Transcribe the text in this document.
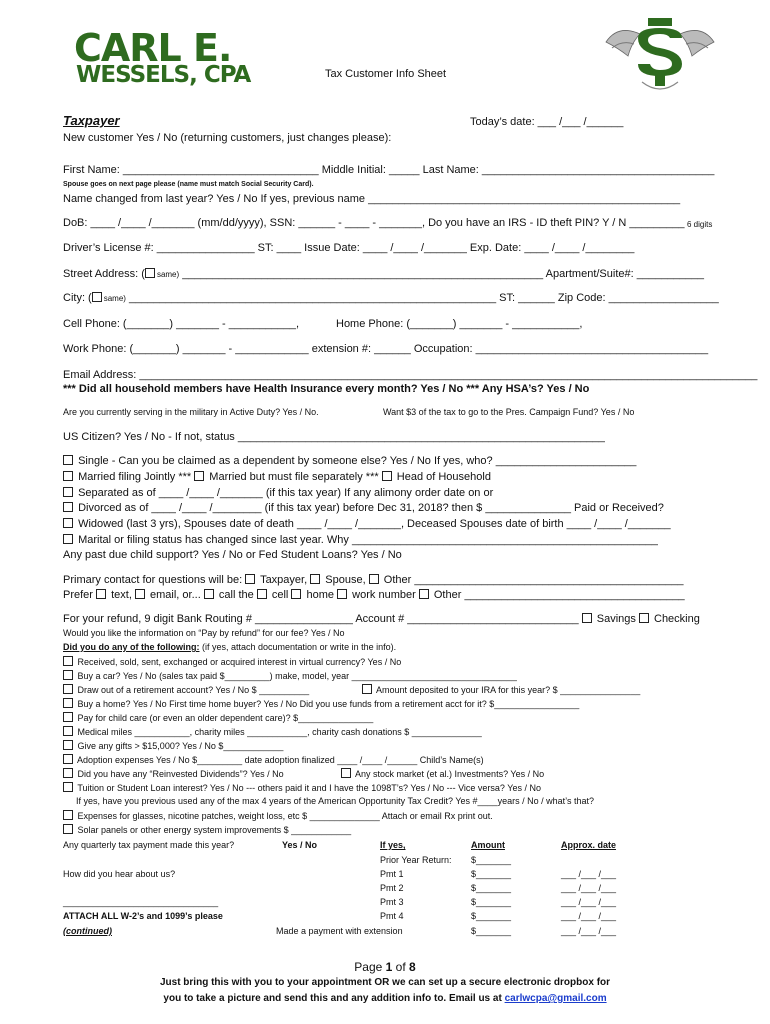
CARL E.
WESSELS, CPA	Tax Customer Info Sheet
Taxpayer	Today’s date: ___ /___ /______
New customer Yes / No (returning customers, just changes please):
First Name: ________________________________ Middle Initial: _____ Last Name: ______________________________________
Spouse goes on next page please (name must match Social Security Card).
Name changed from last year? Yes / No If yes, previous name ___________________________________________________
DoB: ____ /____ /_______ (mm/dd/yyyy), SSN: ______ - ____ - _______, Do you have an IRS - ID theft PIN? Y / N _________ 6 digits
Driver’s License #: ________________ ST: ____ Issue Date: ____ /____ /_______ Exp. Date: ____ /____ /________
Street Address: ( same) ___________________________________________________________ Apartment/Suite#: ___________
City: ( same) ____________________________________________________________ ST: ______ Zip Code: __________________
Cell Phone: (_______) _______ - ___________,	Home Phone: (_______) _______ - ___________,
Work Phone: (_______) _______ - ____________ extension #: ______ Occupation: ______________________________________
Email Address: _____________________________________________________________________________________________________
*** Did all household members have Health Insurance every month? Yes / No *** Any HSA’s? Yes / No
Are you currently serving in the military in Active Duty? Yes / No.	Want $3 of the tax to go to the Pres. Campaign Fund? Yes / No
US Citizen? Yes / No - If not, status ____________________________________________________________
Single - Can you be claimed as a dependent by someone else? Yes / No If yes, who? _______________________
Married filing Jointly *** Married but must file separately *** Head of Household
Separated as of ____ /____ /_______ (if this tax year) If any alimony order date on or
Divorced as of ____ /____ /________ (if this tax year) before Dec 31, 2018? then $ ______________ Paid or Received?
Widowed (last 3 yrs), Spouses date of death ____ /____ /_______, Deceased Spouses date of birth ____ /____ /_______
Marital or filing status has changed since last year. Why __________________________________________________
Any past due child support? Yes / No or Fed Student Loans? Yes / No
Primary contact for questions will be: Taxpayer, Spouse, Other ____________________________________________
Prefer text, email, or... call the cell home work number Other ____________________________________
For your refund, 9 digit Bank Routing # ________________ Account # ____________________________ Savings Checking
Would you like the information on “Pay by refund” for our fee? Yes / No
Did you do any of the following: (if yes, attach documentation or write in the info).
Received, sold, sent, exchanged or acquired interest in virtual currency? Yes / No
Buy a car? Yes / No (sales tax paid $_________) make, model, year _________________________________
Draw out of a retirement account? Yes / No $ __________	Amount deposited to your IRA for this year? $ ________________
Buy a home? Yes / No First time home buyer? Yes / No Did you use funds from a retirement acct for it? $_________________
Pay for child care (or even an older dependent care)? $_______________
Medical miles ___________, charity miles ____________, charity cash donations $ ______________
Give any gifts > $15,000? Yes / No $____________
Adoption expenses Yes / No $_________ date adoption finalized ____ /____ /______ Child’s Name(s)
Did you have any “Reinvested Dividends”? Yes / No	Any stock market (et al.) Investments? Yes / No
Tuition or Student Loan interest? Yes / No --- others paid it and I have the 1098T’s? Yes / No --- Vice versa? Yes / No
If yes, have you previous used any of the max 4 years of the American Opportunity Tax Credit? Yes #____years / No / what’s that?
Expenses for glasses, nicotine patches, weight loss, etc $ ______________ Attach or email Rx print out.
Solar panels or other energy system improvements $ ____________
Any quarterly tax payment made this year?	Yes / No	If yes,	Amount	Approx. date
Prior Year Return: $_______
Pmt 1	$_______	___ /___ /___
Pmt 2	$_______	___ /___ /___
Pmt 3	$_______	___ /___ /___
Pmt 4	$_______	___ /___ /___
Made a payment with extension	$_______	___ /___ /___
How did you hear about us?
_______________________________
ATTACH ALL W-2’s and 1099’s please
(continued)
Page 1 of 8
Just bring this with you to your appointment OR we can set up a secure electronic dropbox for
you to take a picture and send this and any addition info to. Email us at carlwcpa@gmail.com
